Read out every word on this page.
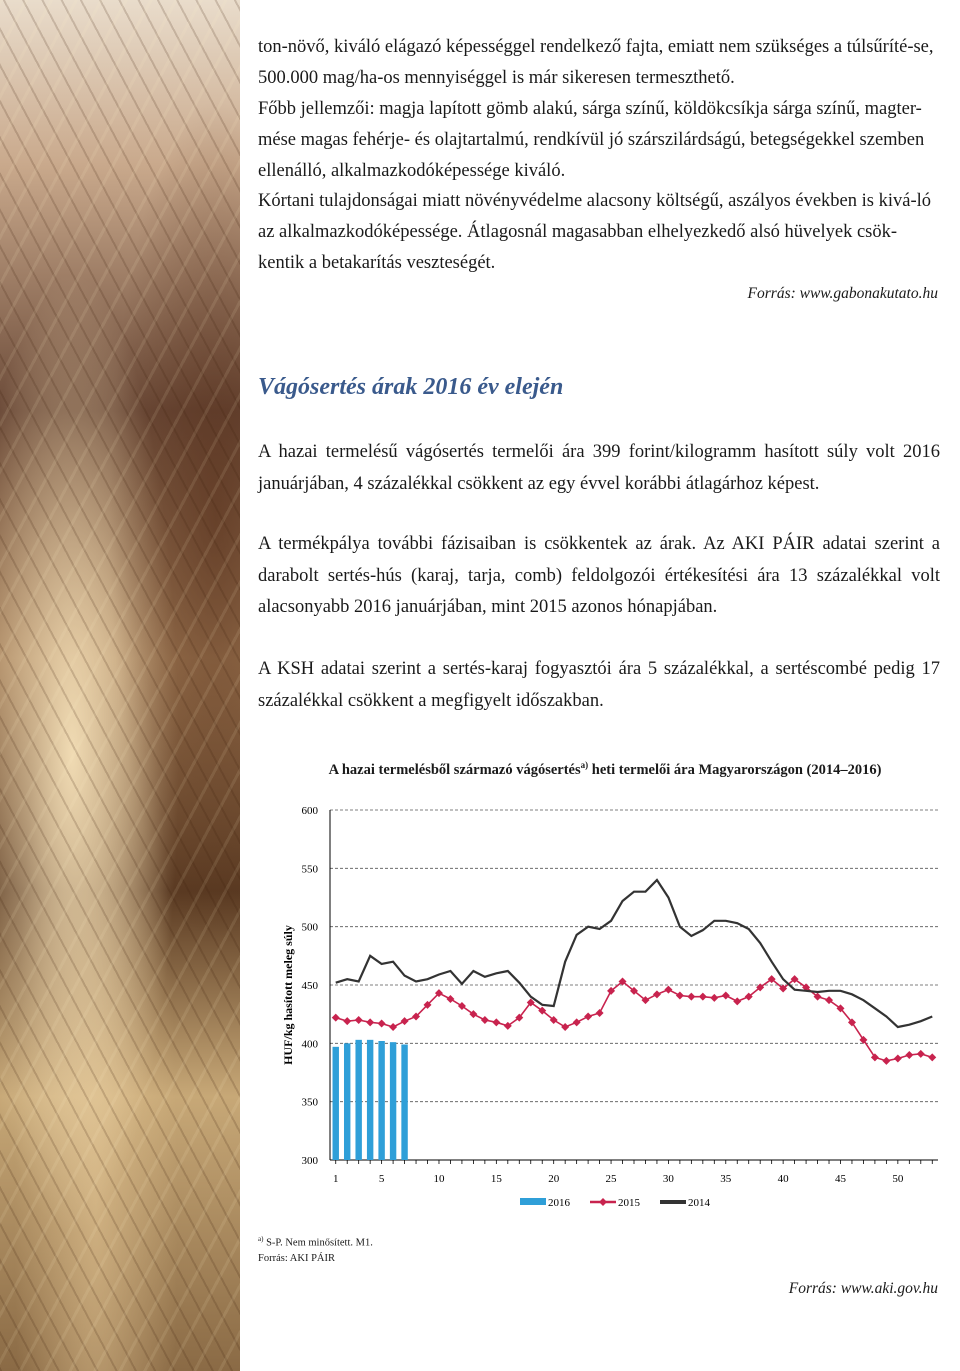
ton-növő, kiváló elágazó képességgel rendelkező fajta, emiatt nem szükséges a túlsűríté-se, 500.000 mag/ha-os mennyiséggel is már sikeresen termeszthető.

Főbb jellemzői: magja lapított gömb alakú, sárga színű, köldökcsíkja sárga színű, magter-mése magas fehérje- és olajtartalmú, rendkívül jó szárszilárdságú, betegségekkel szemben ellenálló, alkalmazkodóképessége kiváló.

Kórtani tulajdonságai miatt növényvédelme alacsony költségű, aszályos években is kivá-ló az alkalmazkodóképessége. Átlagosnál magasabban elhelyezkedő alsó hüvelyek csök-kentik a betakarítás veszteségét.

Forrás: www.gabonakutato.hu
Vágósertés árak 2016 év elején
A hazai termelésű vágósertés termelői ára 399 forint/kilogramm hasított súly volt 2016 januárjában, 4 százalékkal csökkent az egy évvel korábbi átlagárhoz képest.
A termékpálya további fázisaiban is csökkentek az árak. Az AKI PÁIR adatai szerint a darabolt sertés-hús (karaj, tarja, comb) feldolgozói értékesítési ára 13 százalékkal volt alacsonyabb 2016 januárjában, mint 2015 azonos hónapjában.
A KSH adatai szerint a sertés-karaj fogyasztói ára 5 százalékkal, a sertéscombé pedig 17 százalékkal csökkent a megfigyelt időszakban.
A hazai termelésből származó vágósertés$^{a)}$ heti termelői ára Magyarországon (2014–2016)
300
350
400
450
500
550
600
1	5	10	15	20	25	30	35	40	45	50
HUF/kg hasított meleg súly
2016	2015	2014
$^{a)}$ S-P. Nem minősített. M1.
Forrás: AKI PÁIR
Forrás: www.aki.gov.hu
